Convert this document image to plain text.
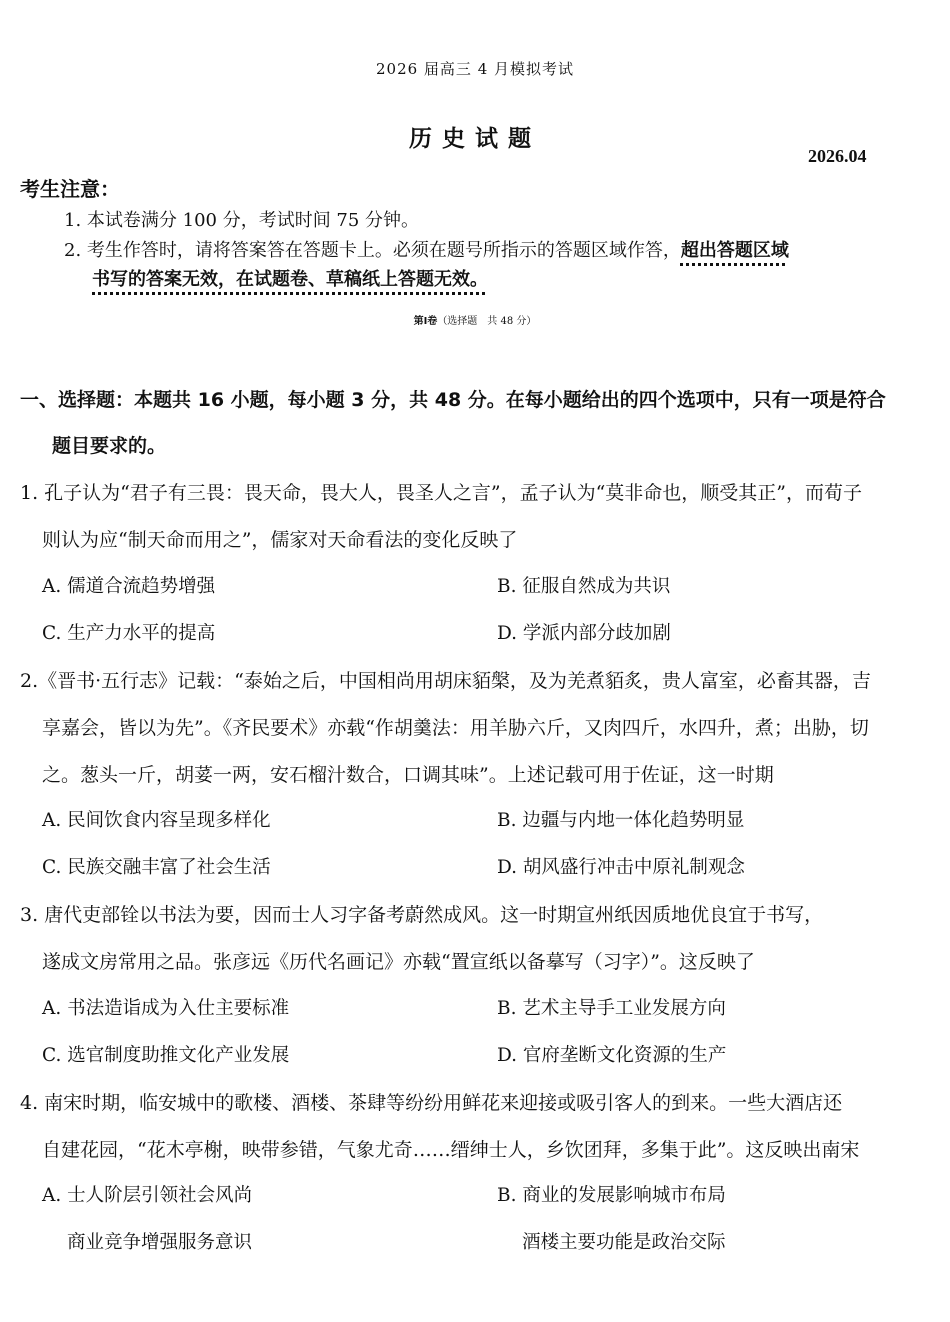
2026 届高三 4 月模拟考试
历史试题
2026.04
考生注意：
1. 本试卷满分 100 分，考试时间 75 分钟。
2. 考生作答时，请将答案答在答题卡上。必须在题号所指示的答题区域作答，超出答题区域
书写的答案无效，在试题卷、草稿纸上答题无效。
第Ⅰ卷（选择题　共 48 分）
一、选择题：本题共 16 小题，每小题 3 分，共 48 分。在每小题给出的四个选项中，只有一项是符合
题目要求的。
1. 孔子认为“君子有三畏：畏天命，畏大人，畏圣人之言”，孟子认为“莫非命也，顺受其正”，而荀子
则认为应“制天命而用之”，儒家对天命看法的变化反映了
A. 儒道合流趋势增强	B. 征服自然成为共识
C. 生产力水平的提高	D. 学派内部分歧加剧
2.《晋书·五行志》记载：“泰始之后，中国相尚用胡床貊槃，及为羌煮貊炙，贵人富室，必畜其器，吉
享嘉会，皆以为先”。《齐民要术》亦载“作胡羹法：用羊胁六斤，又肉四斤，水四升，煮；出胁，切
之。葱头一斤，胡荽一两，安石榴汁数合，口调其味”。上述记载可用于佐证，这一时期
A. 民间饮食内容呈现多样化	B. 边疆与内地一体化趋势明显
C. 民族交融丰富了社会生活	D. 胡风盛行冲击中原礼制观念
3. 唐代吏部铨以书法为要，因而士人习字备考蔚然成风。这一时期宣州纸因质地优良宜于书写，
遂成文房常用之品。张彦远《历代名画记》亦载“置宣纸以备摹写（习字）”。这反映了
A. 书法造诣成为入仕主要标准	B. 艺术主导手工业发展方向
C. 选官制度助推文化产业发展	D. 官府垄断文化资源的生产
4. 南宋时期，临安城中的歌楼、酒楼、茶肆等纷纷用鲜花来迎接或吸引客人的到来。一些大酒店还
自建花园，“花木亭榭，映带参错，气象尤奇……缙绅士人，乡饮团拜，多集于此”。这反映出南宋
A. 士人阶层引领社会风尚	B. 商业的发展影响城市布局
商业竞争增强服务意识	酒楼主要功能是政治交际
